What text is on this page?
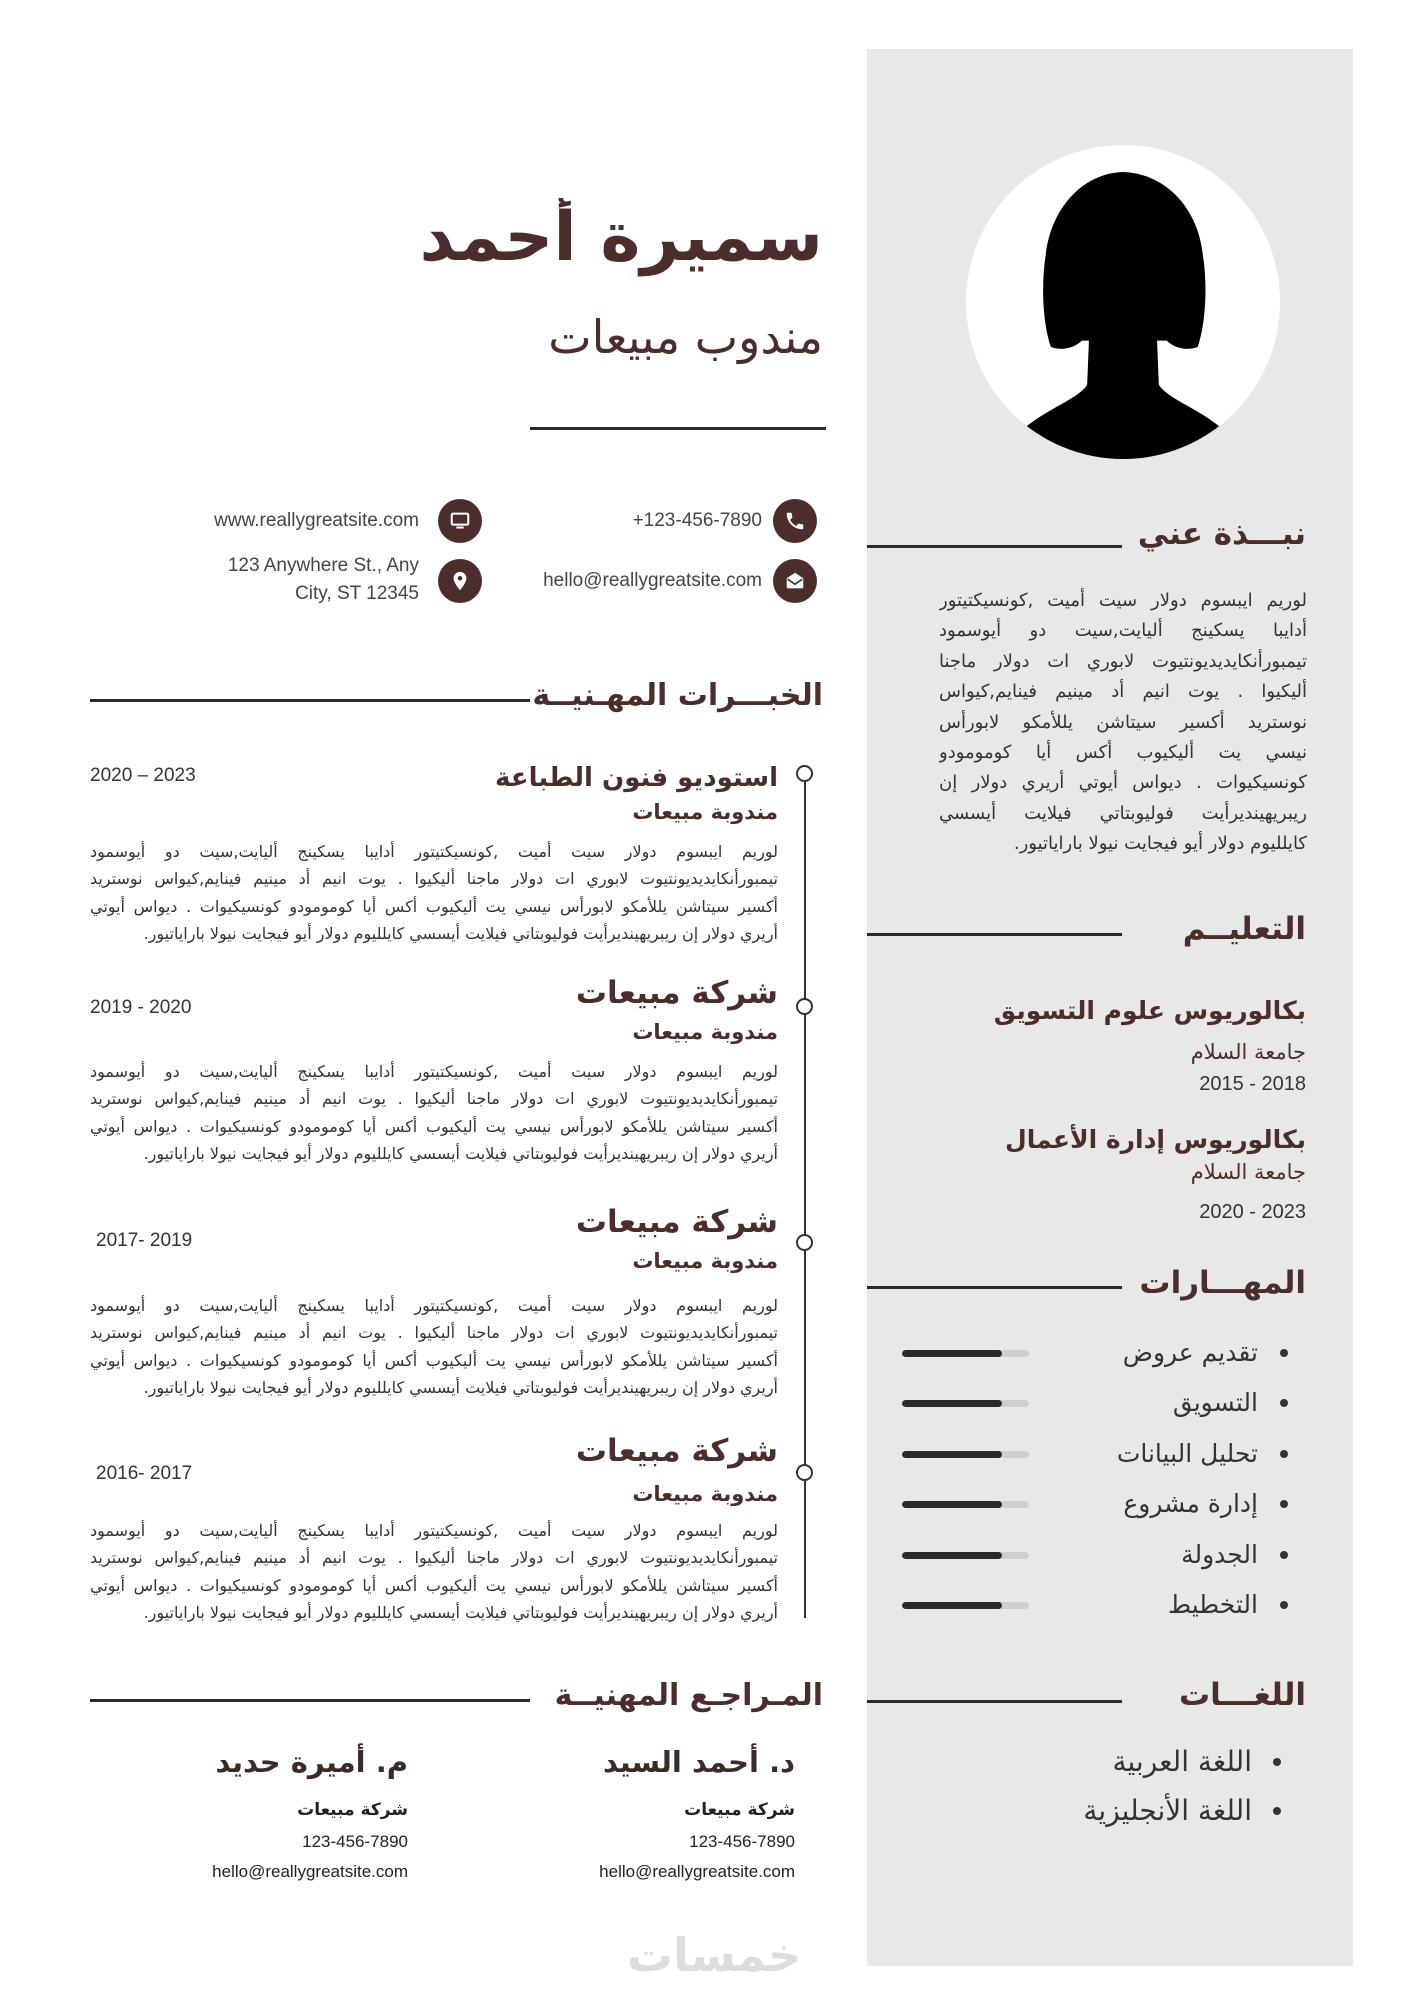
سميرة أحمد
مندوب مبيعات
+123-456-7890
www.reallygreatsite.com
hello@reallygreatsite.com
123 Anywhere St., Any
City, ST 12345
الخبـــرات المهـنيــة
استوديو فنون الطباعة
مندوبة مبيعات
2020 – 2023
لوريم ايبسوم دولار سيت أميت ,كونسيكتيتور أدايبا يسكينج أليايت,سيت دو أيوسمود
تيمبورأنكايديديونتيوت لابوري ات دولار ماجنا أليكيوا . يوت انيم أد مينيم فينايم,كيواس نوستريد
أكسير سيتاشن يللأمكو لابورأس نيسي يت أليكيوب أكس أيا كومومودو كونسيكيوات . ديواس أيوتي
أريري دولار إن ريبريهينديرأيت فوليوبتاتي فيلايت أيسسي كايلليوم دولار أيو فيجايت نيولا باراياتيور.
شركة مبيعات
مندوبة مبيعات
2019 - 2020
لوريم ايبسوم دولار سيت أميت ,كونسيكتيتور أدايبا يسكينج أليايت,سيت دو أيوسمود
تيمبورأنكايديديونتيوت لابوري ات دولار ماجنا أليكيوا . يوت انيم أد مينيم فينايم,كيواس نوستريد
أكسير سيتاشن يللأمكو لابورأس نيسي يت أليكيوب أكس أيا كومومودو كونسيكيوات . ديواس أيوتي
أريري دولار إن ريبريهينديرأيت فوليوبتاتي فيلايت أيسسي كايلليوم دولار أيو فيجايت نيولا باراياتيور.
شركة مبيعات
مندوبة مبيعات
2017- 2019
لوريم ايبسوم دولار سيت أميت ,كونسيكتيتور أدايبا يسكينج أليايت,سيت دو أيوسمود
تيمبورأنكايديديونتيوت لابوري ات دولار ماجنا أليكيوا . يوت انيم أد مينيم فينايم,كيواس نوستريد
أكسير سيتاشن يللأمكو لابورأس نيسي يت أليكيوب أكس أيا كومومودو كونسيكيوات . ديواس أيوتي
أريري دولار إن ريبريهينديرأيت فوليوبتاتي فيلايت أيسسي كايلليوم دولار أيو فيجايت نيولا باراياتيور.
شركة مبيعات
مندوبة مبيعات
2016- 2017
لوريم ايبسوم دولار سيت أميت ,كونسيكتيتور أدايبا يسكينج أليايت,سيت دو أيوسمود
تيمبورأنكايديديونتيوت لابوري ات دولار ماجنا أليكيوا . يوت انيم أد مينيم فينايم,كيواس نوستريد
أكسير سيتاشن يللأمكو لابورأس نيسي يت أليكيوب أكس أيا كومومودو كونسيكيوات . ديواس أيوتي
أريري دولار إن ريبريهينديرأيت فوليوبتاتي فيلايت أيسسي كايلليوم دولار أيو فيجايت نيولا باراياتيور.
المـراجـع المهنيــة
د. أحمد السيد
شركة مبيعات
123-456-7890
hello@reallygreatsite.com
م. أميرة حديد
شركة مبيعات
123-456-7890
hello@reallygreatsite.com
نبـــذة عني
لوريم ايبسوم دولار سيت أميت ,كونسيكتيتور
أدايبا يسكينج أليايت,سيت دو أيوسمود
تيمبورأنكايديديونتيوت لابوري ات دولار ماجنا
أليكيوا . يوت انيم أد مينيم فينايم,كيواس
نوستريد أكسير سيتاشن يللأمكو لابورأس
نيسي يت أليكيوب أكس أيا كومومودو
كونسيكيوات . ديواس أيوتي أريري دولار إن
ريبريهينديرأيت فوليوبتاتي فيلايت أيسسي
كايلليوم دولار أيو فيجايت نيولا باراياتيور.
التعليــم
بكالوريوس علوم التسويق
جامعة السلام
2015 - 2018
بكالوريوس إدارة الأعمال
جامعة السلام
2020 - 2023
المهـــارات
تقديم عروض
التسويق
تحليل البيانات
إدارة مشروع
الجدولة
التخطيط
اللغـــات
اللغة العربية
اللغة الأنجليزية
خمسات
